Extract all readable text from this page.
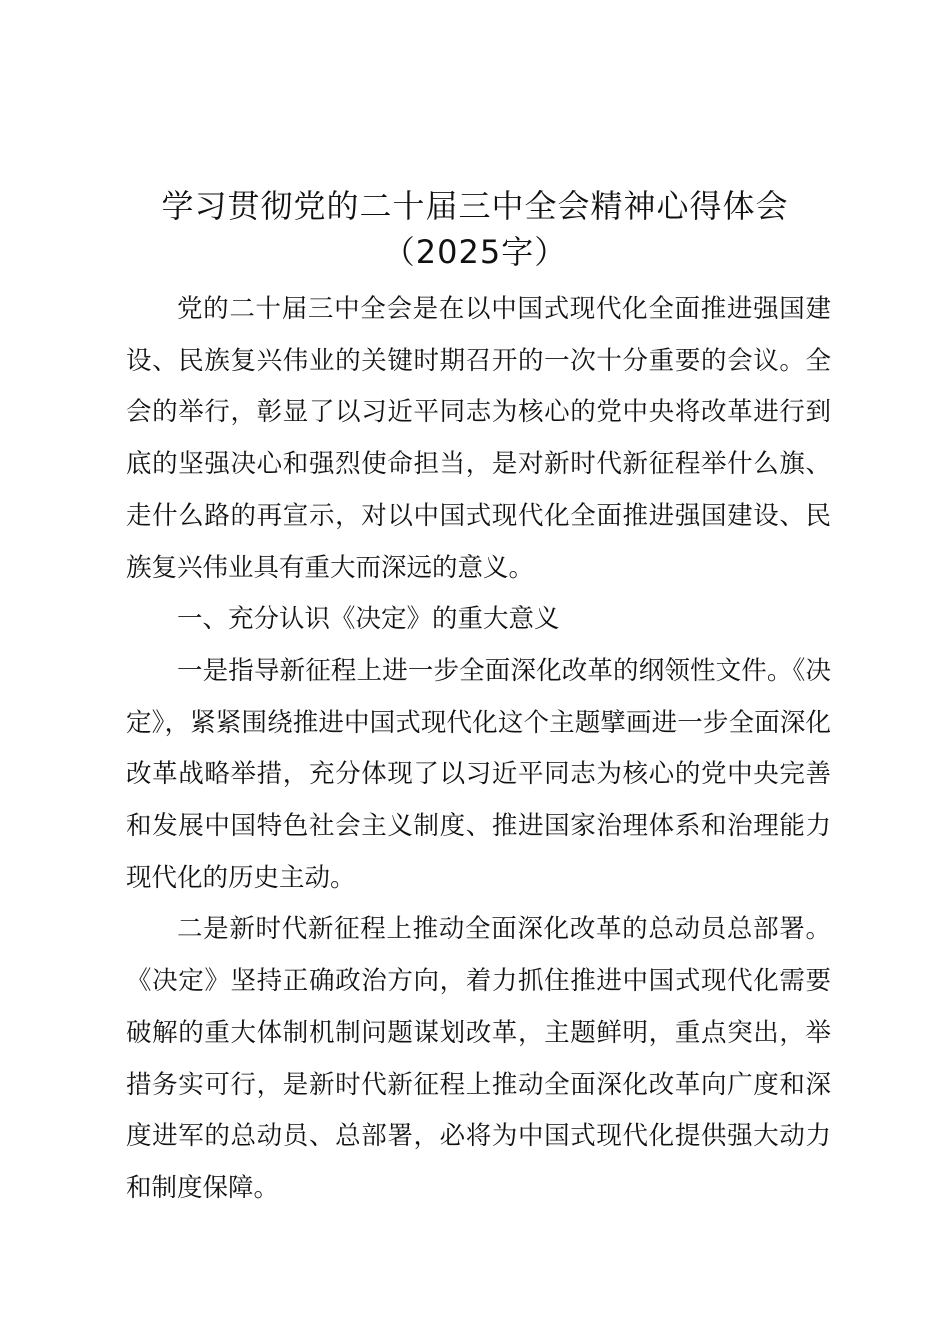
学习贯彻党的二十届三中全会精神心得体会
（2025字）

党的二十届三中全会是在以中国式现代化全面推进强国建设、民族复兴伟业的关键时期召开的一次十分重要的会议。全会的举行，彰显了以习近平同志为核心的党中央将改革进行到底的坚强决心和强烈使命担当，是对新时代新征程举什么旗、走什么路的再宣示，对以中国式现代化全面推进强国建设、民族复兴伟业具有重大而深远的意义。

一、充分认识《决定》的重大意义

一是指导新征程上进一步全面深化改革的纲领性文件。《决定》，紧紧围绕推进中国式现代化这个主题擘画进一步全面深化改革战略举措，充分体现了以习近平同志为核心的党中央完善和发展中国特色社会主义制度、推进国家治理体系和治理能力现代化的历史主动。

二是新时代新征程上推动全面深化改革的总动员总部署。《决定》坚持正确政治方向，着力抓住推进中国式现代化需要破解的重大体制机制问题谋划改革，主题鲜明，重点突出，举措务实可行，是新时代新征程上推动全面深化改革向广度和深度进军的总动员、总部署，必将为中国式现代化提供强大动力和制度保障。
